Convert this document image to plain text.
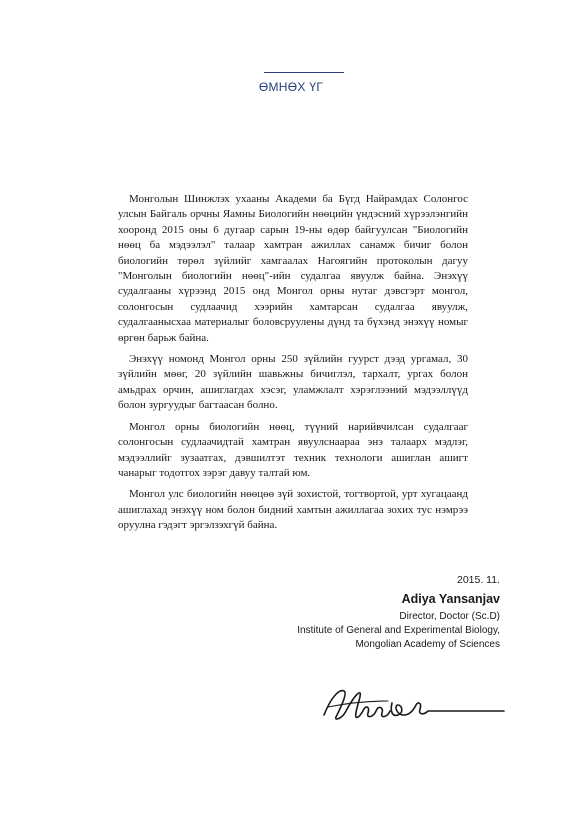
ӨМНӨХ ҮГ

Монголын Шинжлэх ухааны Академи ба Бүгд Найрамдах Солонгос улсын Байгаль орчны Яамны Биологийн нөөцийн үндэсний хүрээлэнгийн хооронд 2015 оны 6 дугаар сарын 19-ны өдөр байгуулсан "Биологийн нөөц ба мэдээлэл" талаар хамтран ажиллах санамж бичиг болон биологийн төрөл зүйлийг хамгаалах Нагоягийн протоколын дагуу "Монголын биологийн нөөц"-ийн судалгаа явуулж байна. Энэхүү судалгааны хүрээнд 2015 онд Монгол орны нутаг дэвсгэрт монгол, солонгосын судлаачид хээрийн хамтарсан судалгаа явуулж, судалгаанысхаа материалыг боловсруулены дүнд та бүхэнд энэхүү номыг өргөн барьж байна.

Энэхүү номонд Монгол орны 250 зүйлийн гуурст дээд ургамал, 30 зүйлийн мөөг, 20 зүйлийн шавьжны бичиглэл, тархалт, ургах болон амьдрах орчин, ашиглагдах хэсэг, уламжлалт хэрэглээний мэдээллүүд болон зургуудыг багтаасан болно.

Монгол орны биологийн нөөц, түүний нарийвчилсан судалгааг солонгосын судлаачидтай хамтран явуулснаараа энэ талаарх мэдлэг, мэдээллийг зузаатгах, дэвшилтэт техник технологи ашиглан ашигт чанарыг тодотгох зэрэг давуу талтай юм.

Монгол улс биологийн нөөцөө зүй зохистой, тогтвортой, урт хугацаанд ашиглахад энэхүү ном болон бидний хамтын ажиллагаа зохих тус нэмрээ оруулна гэдэгт эргэлзэхгүй байна.

2015. 11.
Adiya Yansanjav
Director, Doctor (Sc.D)
Institute of General and Experimental Biology,
Mongolian Academy of Sciences
